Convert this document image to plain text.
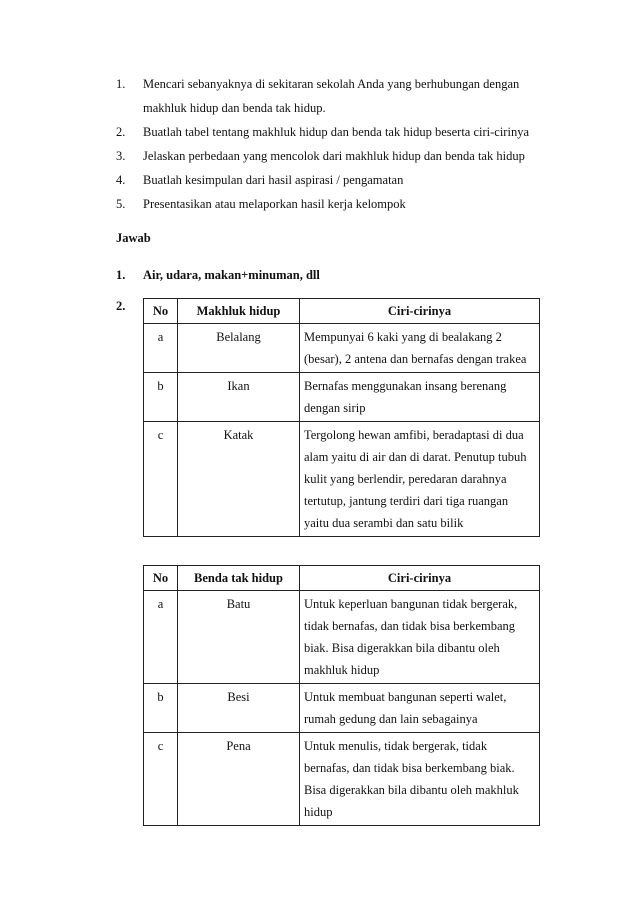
1.	Mencari sebanyaknya di sekitaran sekolah Anda yang berhubungan dengan makhluk hidup dan benda tak hidup.
2.	Buatlah tabel tentang makhluk hidup dan benda tak hidup beserta ciri-cirinya
3.	Jelaskan perbedaan yang mencolok dari makhluk hidup dan benda tak hidup
4.	Buatlah kesimpulan dari hasil aspirasi / pengamatan
5.	Presentasikan atau melaporkan hasil kerja kelompok
Jawab
1.	Air, udara, makan+minuman, dll
2. No	Makhluk hidup	Ciri-cirinya
a	Belalang	Mempunyai 6 kaki yang di bealakang 2 (besar), 2 antena dan bernafas dengan trakea
b	Ikan	Bernafas menggunakan insang berenang dengan sirip
c	Katak	Tergolong hewan amfibi, beradaptasi di dua alam yaitu di air dan di darat. Penutup tubuh kulit yang berlendir, peredaran darahnya tertutup, jantung terdiri dari tiga ruangan yaitu dua serambi dan satu bilik
No	Benda tak hidup	Ciri-cirinya
a	Batu	Untuk keperluan bangunan tidak bergerak, tidak bernafas, dan tidak bisa berkembang biak. Bisa digerakkan bila dibantu oleh makhluk hidup
b	Besi	Untuk membuat bangunan seperti walet, rumah gedung dan lain sebagainya
c	Pena	Untuk menulis, tidak bergerak, tidak bernafas, dan tidak bisa berkembang biak. Bisa digerakkan bila dibantu oleh makhluk hidup
